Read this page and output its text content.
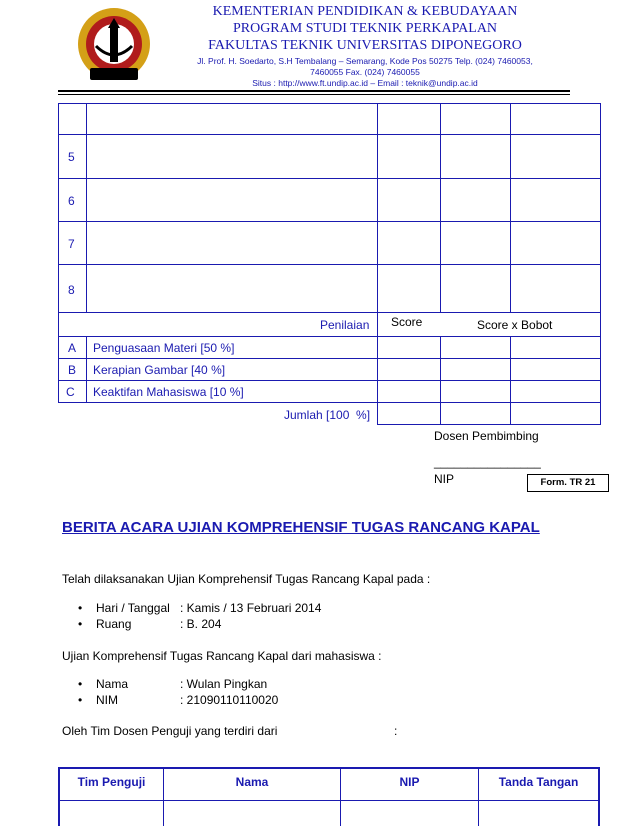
KEMENTERIAN PENDIDIKAN & KEBUDAYAAN
PROGRAM STUDI TEKNIK PERKAPALAN
FAKULTAS TEKNIK UNIVERSITAS DIPONEGORO
Jl. Prof. H. Soedarto, S.H Tembalang – Semarang, Kode Pos 50275 Telp. (024) 7460053,
7460055 Fax. (024) 7460055
Situs : http://www.ft.undip.ac.id – Email : teknik@undip.ac.id
5
6
7
8
Penilaian Score	Score x Bobot
A Penguasaan Materi [50 %]
B Kerapian Gambar [40 %]
C Keaktifan Mahasiswa [10 %]
Jumlah [100  %]
Dosen Pembimbing
________________
NIP	Form. TR 21
BERITA ACARA UJIAN KOMPREHENSIF TUGAS RANCANG KAPAL
Telah dilaksanakan Ujian Komprehensif Tugas Rancang Kapal pada :
• Hari / Tanggal : Kamis / 13 Februari 2014
• Ruang	: B. 204
Ujian Komprehensif Tugas Rancang Kapal dari mahasiswa :
• Nama	: Wulan Pingkan
• NIM	: 21090110110020
Oleh Tim Dosen Penguji yang terdiri dari	:
Tim Penguji	Nama	NIP	Tanda Tangan
